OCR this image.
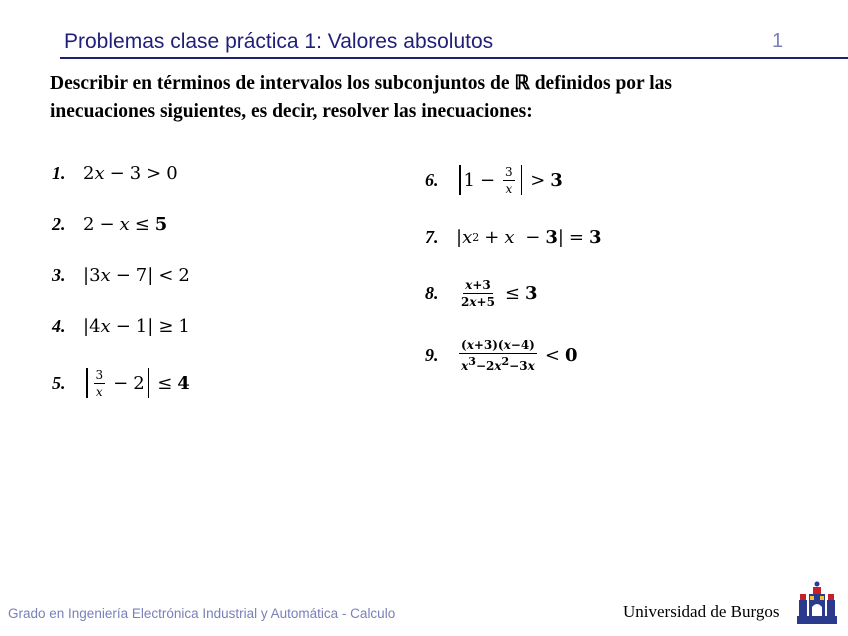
Problemas clase práctica 1: Valores absolutos	1
Describir en términos de intervalos los subconjuntos de ℝ definidos por las
inecuaciones siguientes, es decir, resolver las inecuaciones:
1. 2 x − 3 > 0
2. 2 − x ≤ 5
3. |3 x − 7| < 2
4. |4 x − 1| ≥ 1
5.	$\frac{3}{x} - 2 \le 4$
6.	$1 - \frac{3}{x} > 3$
7. | x 2 + x
− 3 | = 3
8.	$\frac{x+3}{2x+5} \le 3$
9.	$\frac{(x+3)(x-4)}{x^3-2x^2-3x} < 0$
Grado en Ingeniería Electrónica Industrial y Automática - Calculo	Universidad de Burgos
